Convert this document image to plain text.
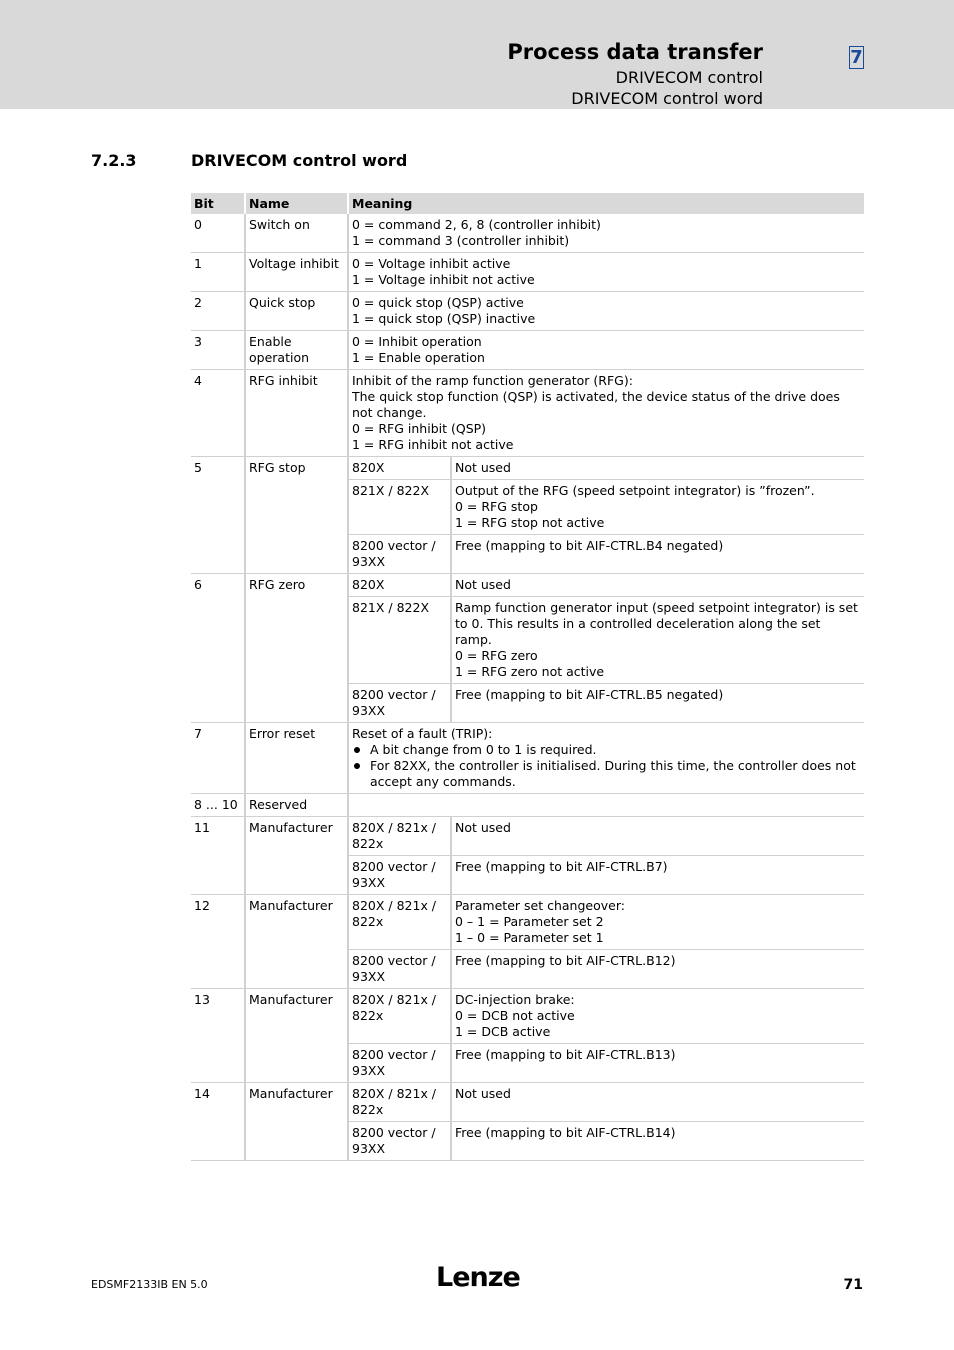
Process data transfer
DRIVECOM control
DRIVECOM control word
7
7.2.3	DRIVECOM control word
Bit	Name	Meaning	
0	Switch on	0 = command 2, 6, 8 (controller inhibit)
1 = command 3 (controller inhibit)	
1	Voltage inhibit	0 = Voltage inhibit active
1 = Voltage inhibit not active	
2	Quick stop	0 = quick stop (QSP) active
1 = quick stop (QSP) inactive	
3	Enable operation	0 = Inhibit operation
1 = Enable operation	
4	RFG inhibit	Inhibit of the ramp function generator (RFG):
The quick stop function (QSP) is activated, the device status of the drive does not change.
0 = RFG inhibit (QSP)
1 = RFG inhibit not active	
5	RFG stop	820X	Not used
		821X / 822X	Output of the RFG (speed setpoint integrator) is ”frozen”.
0 = RFG stop
1 = RFG stop not active
		8200 vector / 93XX	Free (mapping to bit AIF-CTRL.B4 negated)
6	RFG zero	820X	Not used
		821X / 822X	Ramp function generator input (speed setpoint integrator) is set to 0. This results in a controlled deceleration along the set ramp.
0 = RFG zero
1 = RFG zero not active
		8200 vector / 93XX	Free (mapping to bit AIF-CTRL.B5 negated)
7	Error reset	Reset of a fault (TRIP):
A bit change from 0 to 1 is required.
For 82XX, the controller is initialised. During this time, the controller does not accept any commands.	

8 ... 10	Reserved		
11	Manufacturer	820X / 821x / 822x	Not used
		8200 vector / 93XX	Free (mapping to bit AIF-CTRL.B7)
12	Manufacturer	820X / 821x / 822x	Parameter set changeover:
0 – 1 = Parameter set 2
1 – 0 = Parameter set 1
		8200 vector / 93XX	Free (mapping to bit AIF-CTRL.B12)
13	Manufacturer	820X / 821x / 822x	DC-injection brake:
0 = DCB not active
1 = DCB active
		8200 vector / 93XX	Free (mapping to bit AIF-CTRL.B13)
14	Manufacturer	820X / 821x / 822x	Not used
		8200 vector / 93XX	Free (mapping to bit AIF-CTRL.B14)
EDSMF2133IB EN 5.0	Lenze	71
